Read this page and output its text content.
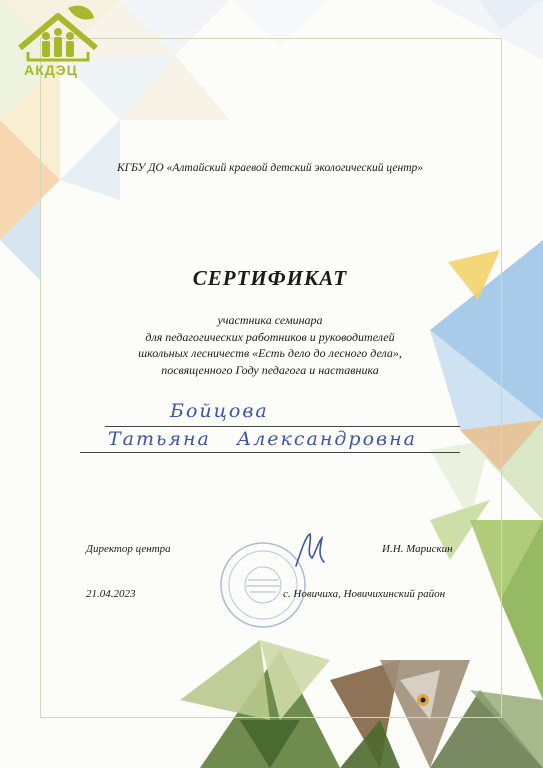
АКДЭЦ
КГБУ ДО «Алтайский краевой детский экологический центр»
СЕРТИФИКАТ
участника семинара
для педагогических работников и руководителей
школьных лесничеств «Есть дело до лесного дела»,
посвященного Году педагога и наставника
Бойцова
Татьяна Александровна
Директор центра	И.Н. Марискин
21.04.2023	с. Новичиха, Новичихинский район
